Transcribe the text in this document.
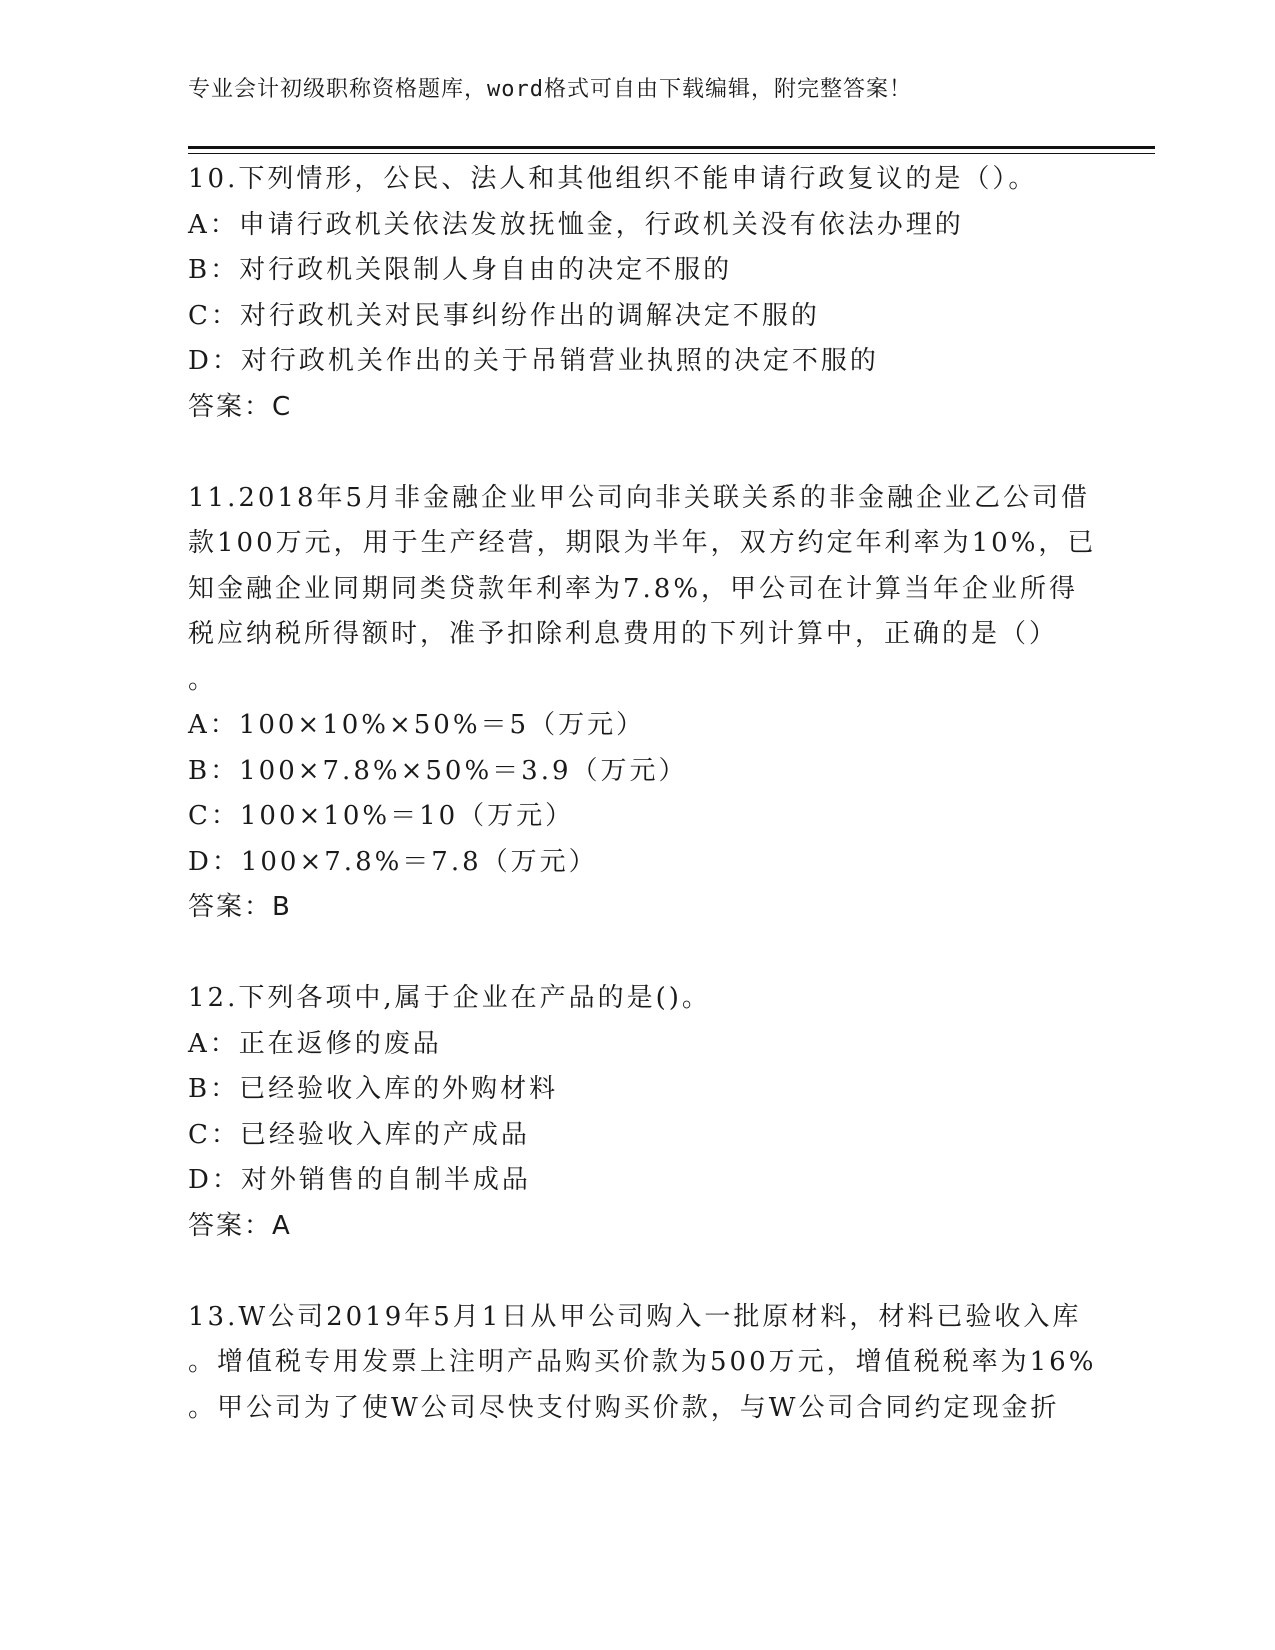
专业会计初级职称资格题库，word格式可自由下载编辑，附完整答案！
10.下列情形，公民、法人和其他组织不能申请行政复议的是（）。
A：申请行政机关依法发放抚恤金，行政机关没有依法办理的
B：对行政机关限制人身自由的决定不服的
C：对行政机关对民事纠纷作出的调解决定不服的
D：对行政机关作出的关于吊销营业执照的决定不服的
答案：C
11.2018年5月非金融企业甲公司向非关联关系的非金融企业乙公司借
款100万元，用于生产经营，期限为半年，双方约定年利率为10%，已
知金融企业同期同类贷款年利率为7.8%，甲公司在计算当年企业所得
税应纳税所得额时，准予扣除利息费用的下列计算中，正确的是（）
。
A：100×10%×50%＝5（万元）
B：100×7.8%×50%＝3.9（万元）
C：100×10%＝10（万元）
D：100×7.8%＝7.8（万元）
答案：B
12.下列各项中,属于企业在产品的是()。
A：正在返修的废品
B：已经验收入库的外购材料
C：已经验收入库的产成品
D：对外销售的自制半成品
答案：A
13.W公司2019年5月1日从甲公司购入一批原材料，材料已验收入库
。增值税专用发票上注明产品购买价款为500万元，增值税税率为16%
。甲公司为了使W公司尽快支付购买价款，与W公司合同约定现金折
